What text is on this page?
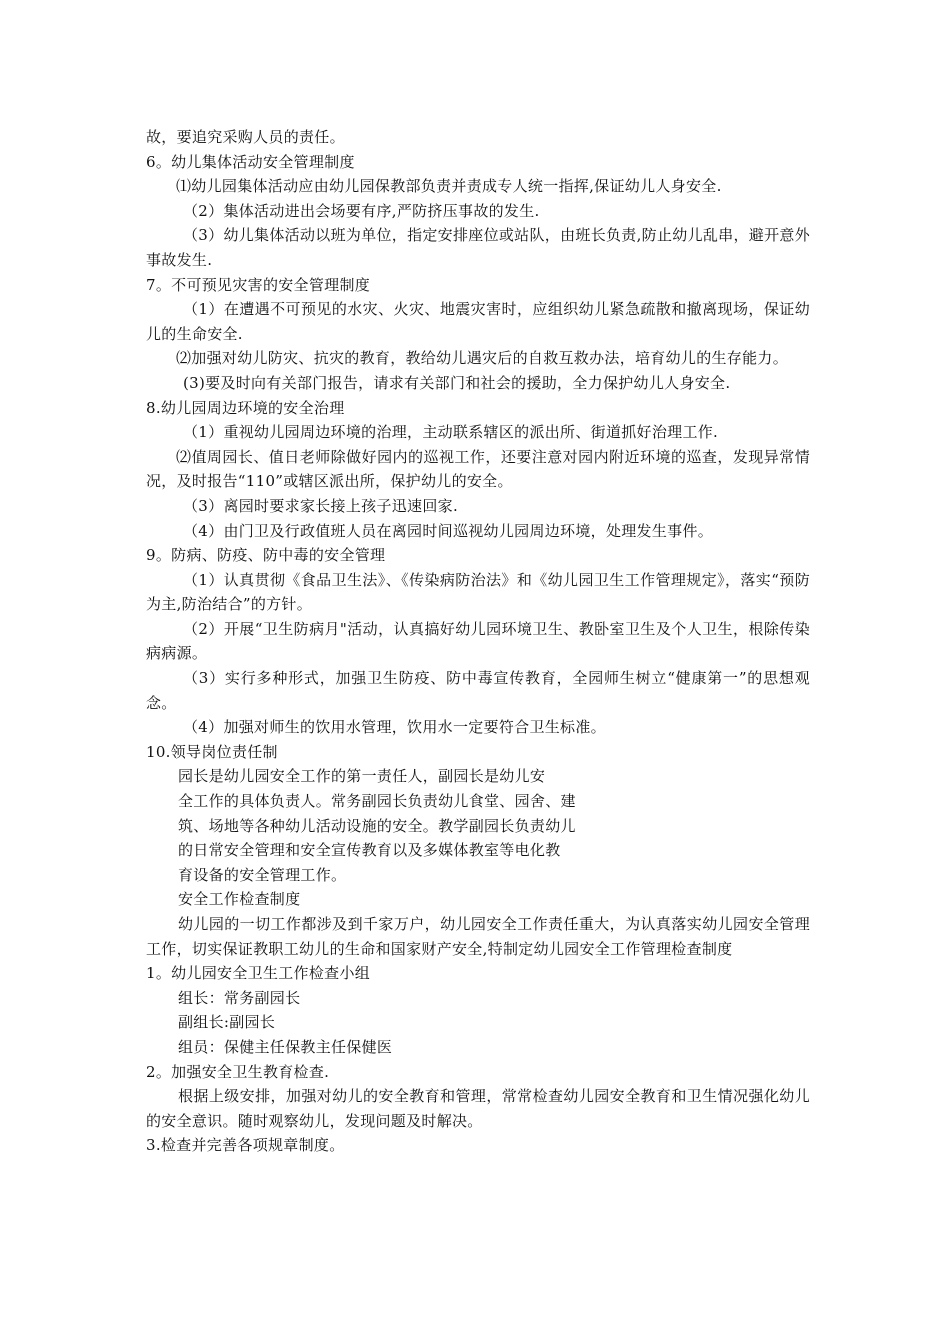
故，要追究采购人员的责任。

6。幼儿集体活动安全管理制度

⑴幼儿园集体活动应由幼儿园保教部负责并责成专人统一指挥,保证幼儿人身安全.

（2）集体活动进出会场要有序,严防挤压事故的发生.

（3）幼儿集体活动以班为单位，指定安排座位或站队，由班长负责,防止幼儿乱串，避开意外事故发生.

7。不可预见灾害的安全管理制度

（1）在遭遇不可预见的水灾、火灾、地震灾害时，应组织幼儿紧急疏散和撤离现场，保证幼儿的生命安全.

⑵加强对幼儿防灾、抗灾的教育，教给幼儿遇灾后的自救互救办法，培育幼儿的生存能力。

(3)要及时向有关部门报告，请求有关部门和社会的援助，全力保护幼儿人身安全.

8.幼儿园周边环境的安全治理

（1）重视幼儿园周边环境的治理，主动联系辖区的派出所、街道抓好治理工作.

⑵值周园长、值日老师除做好园内的巡视工作，还要注意对园内附近环境的巡查，发现异常情况，及时报告“110”或辖区派出所，保护幼儿的安全。

（3）离园时要求家长接上孩子迅速回家.

（4）由门卫及行政值班人员在离园时间巡视幼儿园周边环境，处理发生事件。

9。防病、防疫、防中毒的安全管理

（1）认真贯彻《食品卫生法》、《传染病防治法》和《幼儿园卫生工作管理规定》，落实“预防为主,防治结合”的方针。

（2）开展“卫生防病月"活动，认真搞好幼儿园环境卫生、教卧室卫生及个人卫生，根除传染病病源。

（3）实行多种形式，加强卫生防疫、防中毒宣传教育，全园师生树立“健康第一”的思想观念。

（4）加强对师生的饮用水管理，饮用水一定要符合卫生标准。

10.领导岗位责任制

园长是幼儿园安全工作的第一责任人，副园长是幼儿安

全工作的具体负责人。常务副园长负责幼儿食堂、园舍、建

筑、场地等各种幼儿活动设施的安全。教学副园长负责幼儿

的日常安全管理和安全宣传教育以及多媒体教室等电化教

育设备的安全管理工作。

安全工作检查制度

幼儿园的一切工作都涉及到千家万户，幼儿园安全工作责任重大，为认真落实幼儿园安全管理工作，切实保证教职工幼儿的生命和国家财产安全,特制定幼儿园安全工作管理检查制度

1。幼儿园安全卫生工作检查小组

组长：常务副园长

副组长:副园长

组员：保健主任保教主任保健医

2。加强安全卫生教育检查.

根据上级安排，加强对幼儿的安全教育和管理，常常检查幼儿园安全教育和卫生情况强化幼儿的安全意识。随时观察幼儿，发现问题及时解决。

3.检查并完善各项规章制度。
